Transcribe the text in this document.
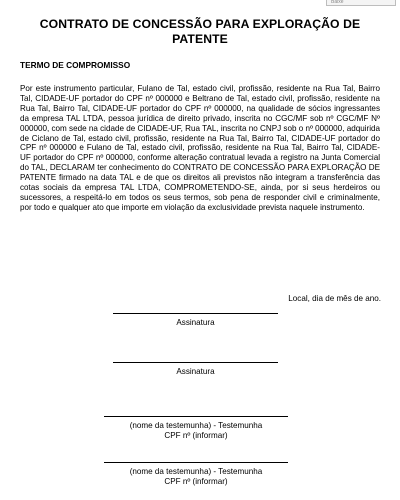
Baixe
CONTRATO DE CONCESSÃO PARA EXPLORAÇÃO DE PATENTE
TERMO DE COMPROMISSO
Por este instrumento particular, Fulano de Tal, estado civil, profissão, residente na Rua Tal, Bairro Tal, CIDADE-UF portador do CPF nº 000000 e Beltrano de Tal, estado civil, profissão, residente na Rua Tal, Bairro Tal, CIDADE-UF portador do CPF nº 000000, na qualidade de sócios ingressantes da empresa TAL LTDA, pessoa jurídica de direito privado, inscrita no CGC/MF sob nº CGC/MF Nº 000000, com sede na cidade de CIDADE-UF, Rua TAL, inscrita no CNPJ sob o nº 000000, adquirida de Ciclano de Tal, estado civil, profissão, residente na Rua Tal, Bairro Tal, CIDADE-UF portador do CPF nº 000000 e Fulano de Tal, estado civil, profissão, residente na Rua Tal, Bairro Tal, CIDADE-UF portador do CPF nº 000000, conforme alteração contratual levada a registro na Junta Comercial do TAL, DECLARAM ter conhecimento do CONTRATO DE CONCESSÃO PARA EXPLORAÇÃO DE PATENTE firmado na data TAL e de que os direitos ali previstos não integram a transferência das cotas sociais da empresa TAL LTDA, COMPROMETENDO-SE, ainda, por si seus herdeiros ou sucessores, a respeitá-lo em todos os seus termos, sob pena de responder civil e criminalmente, por todo e qualquer ato que importe em violação da exclusividade prevista naquele instrumento.
Local, dia de mês de ano.
Assinatura
Assinatura
(nome da testemunha) - Testemunha
CPF nº (informar)
(nome da testemunha) - Testemunha
CPF nº (informar)
